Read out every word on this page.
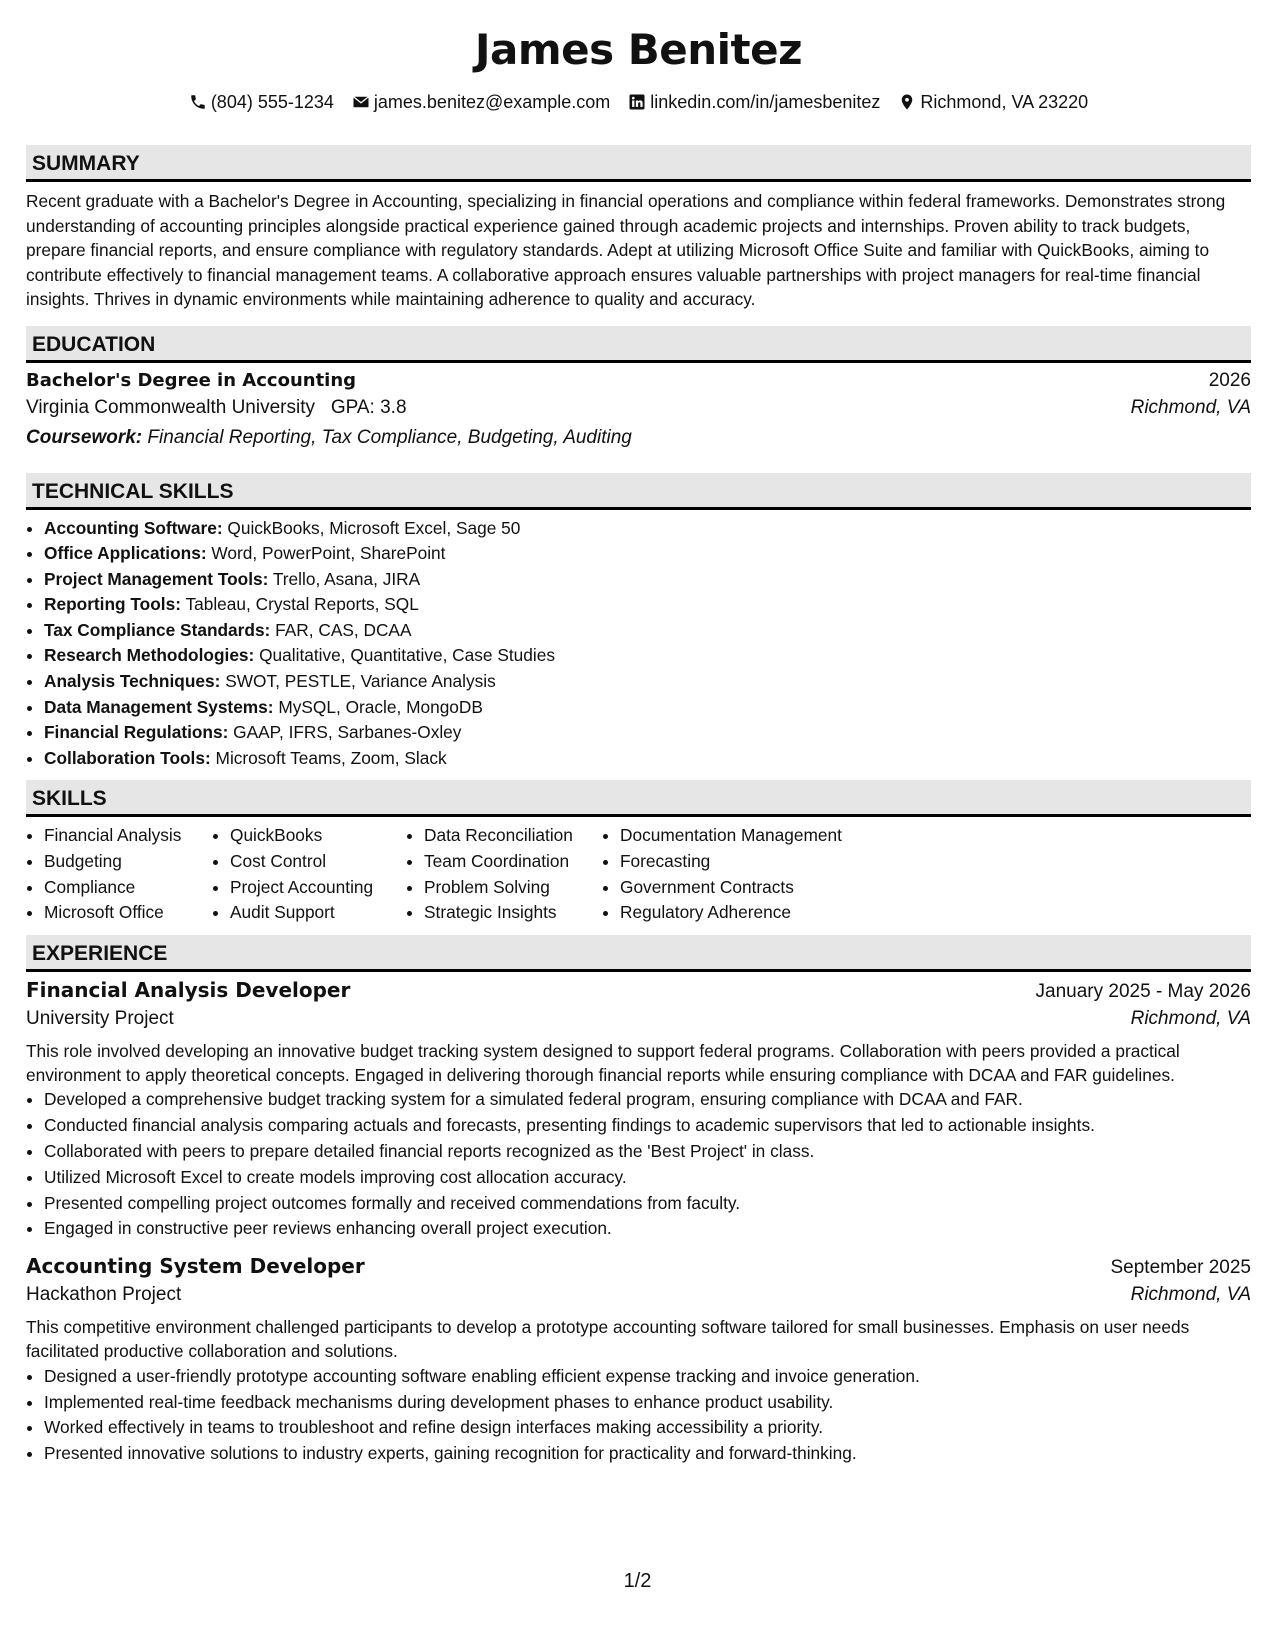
James Benitez
(804) 555-1234 james.benitez@example.com linkedin.com/in/jamesbenitez Richmond, VA 23220
SUMMARY

Recent graduate with a Bachelor's Degree in Accounting, specializing in financial operations and compliance within federal frameworks. Demonstrates strong understanding of accounting principles alongside practical experience gained through academic projects and internships. Proven ability to track budgets, prepare financial reports, and ensure compliance with regulatory standards. Adept at utilizing Microsoft Office Suite and familiar with QuickBooks, aiming to contribute effectively to financial management teams. A collaborative approach ensures valuable partnerships with project managers for real-time financial insights. Thrives in dynamic environments while maintaining adherence to quality and accuracy.

EDUCATION
Bachelor's Degree in Accounting	2026
Virginia Commonwealth University GPA: 3.8	Richmond, VA
Coursework: Financial Reporting, Tax Compliance, Budgeting, Auditing
TECHNICAL SKILLS
• Accounting Software: QuickBooks, Microsoft Excel, Sage 50
• Office Applications: Word, PowerPoint, SharePoint
• Project Management Tools: Trello, Asana, JIRA
• Reporting Tools: Tableau, Crystal Reports, SQL
• Tax Compliance Standards: FAR, CAS, DCAA
• Research Methodologies: Qualitative, Quantitative, Case Studies
• Analysis Techniques: SWOT, PESTLE, Variance Analysis
• Data Management Systems: MySQL, Oracle, MongoDB
• Financial Regulations: GAAP, IFRS, Sarbanes-Oxley
• Collaboration Tools: Microsoft Teams, Zoom, Slack
SKILLS
• Financial Analysis
• Budgeting
• Compliance
• Microsoft Office
• QuickBooks
• Cost Control
• Project Accounting
• Audit Support
• Data Reconciliation
• Team Coordination
• Problem Solving
• Strategic Insights
• Documentation Management
• Forecasting
• Government Contracts
• Regulatory Adherence
EXPERIENCE
Financial Analysis Developer	January 2025 - May 2026
University Project	Richmond, VA

This role involved developing an innovative budget tracking system designed to support federal programs. Collaboration with peers provided a practical environment to apply theoretical concepts. Engaged in delivering thorough financial reports while ensuring compliance with DCAA and FAR guidelines.

• Developed a comprehensive budget tracking system for a simulated federal program, ensuring compliance with DCAA and FAR.
• Conducted financial analysis comparing actuals and forecasts, presenting findings to academic supervisors that led to actionable insights.
• Collaborated with peers to prepare detailed financial reports recognized as the 'Best Project' in class.
• Utilized Microsoft Excel to create models improving cost allocation accuracy.
• Presented compelling project outcomes formally and received commendations from faculty.
• Engaged in constructive peer reviews enhancing overall project execution.
Accounting System Developer	September 2025
Hackathon Project	Richmond, VA

This competitive environment challenged participants to develop a prototype accounting software tailored for small businesses. Emphasis on user needs facilitated productive collaboration and solutions.

• Designed a user-friendly prototype accounting software enabling efficient expense tracking and invoice generation.
• Implemented real-time feedback mechanisms during development phases to enhance product usability.
• Worked effectively in teams to troubleshoot and refine design interfaces making accessibility a priority.
• Presented innovative solutions to industry experts, gaining recognition for practicality and forward-thinking.
1/2
